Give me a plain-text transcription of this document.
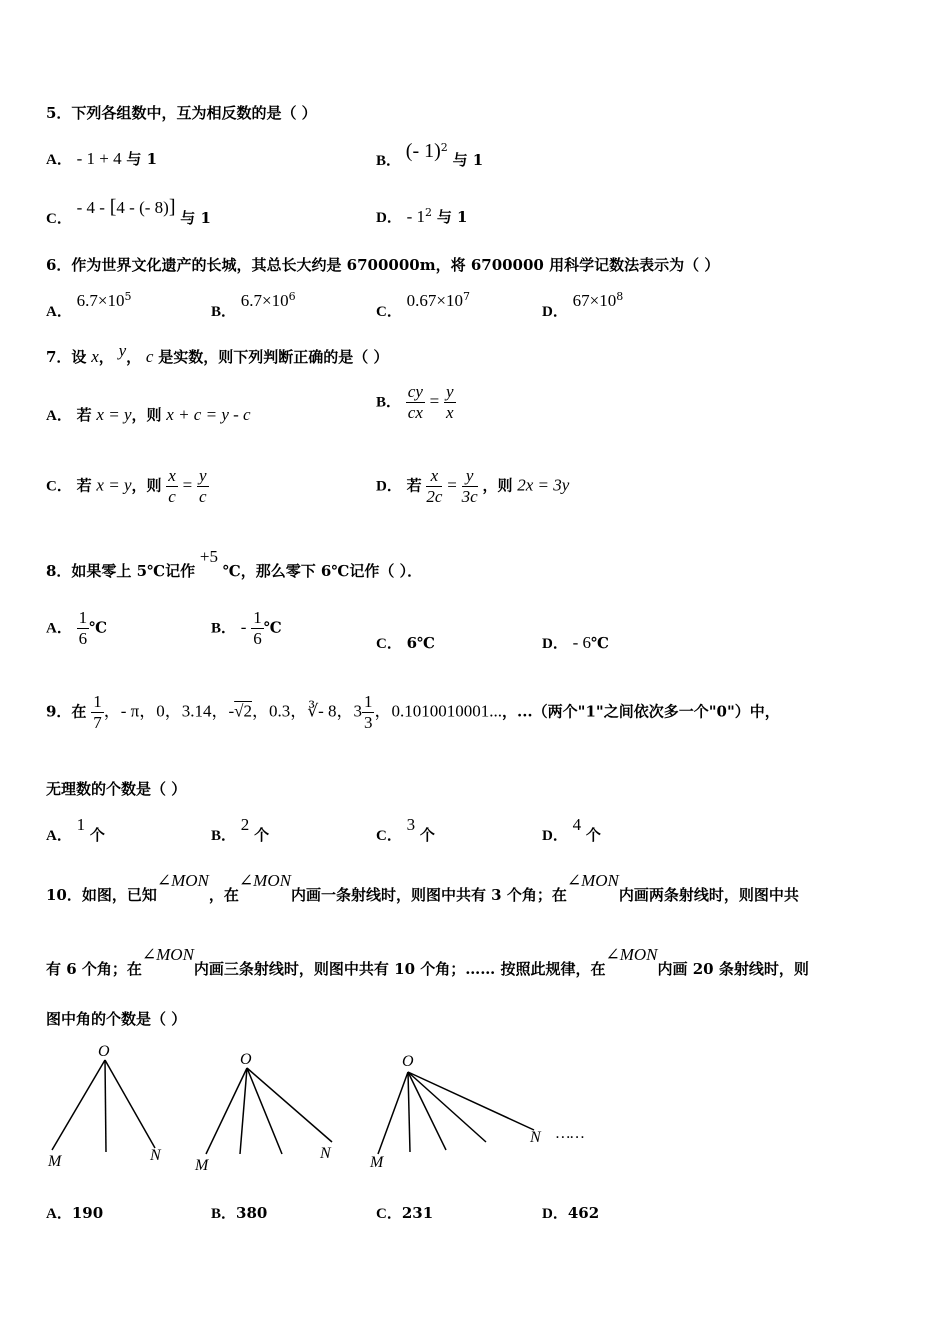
5．下列各组数中，互为相反数的是（ ）
A． - 1 + 4 与 1	B． (- 1)$^2$ 与 1
C． - 4 - [4 - (- 8)] 与 1	D． - $1^2$ 与 1
6．作为世界文化遗产的长城，其总长大约是 6700000m，将 6700000 用科学记数法表示为（ ）
A． $6.7\times 10^5$
B． $6.7\times 10^6$
C． $0.67\times 10^7$
D． $67\times 10^8$
7．设 x， y， c 是实数，则下列判断正确的是（ ）
A． 若 x = y，则 x + c = y - c
B． $\frac{cy}{cx} = \frac{y}{x}$
C． 若 x = y，则 $\frac{x}{c} = \frac{y}{c}$	D． 若 $\frac{x}{2c} = \frac{y}{3c}$ ，则 2x = 3y
8．如果零上 5℃记作 +5 ℃，那么零下 6℃记作（ ）．
A． $\frac{1}{6}$ ℃	B． - $\frac{1}{6}$ ℃
C． 6℃	D． - 6℃
9．在 $\frac{1}{7}$ ，- π，0，3.14，-√2，0.3，∛- 8，$3 \frac{1}{3}$ ，0.1010010001...，...（两个"1"之间依次多一个"0"）中，
无理数的个数是（ ）
A． 1 个	B． 2 个	C． 3 个	D． 4 个
10．如图，已知∠MON，在∠MON内画一条射线时，则图中共有 3 个角；在∠MON内画两条射线时，则图中共
有 6 个角；在∠MON内画三条射线时，则图中共有 10 个角；…… 按照此规律，在∠MON内画 20 条射线时，则
图中角的个数是（ ）
O
M	N
O
M
N
O
M
N ……
A．190	B．380	C．231	D．462
